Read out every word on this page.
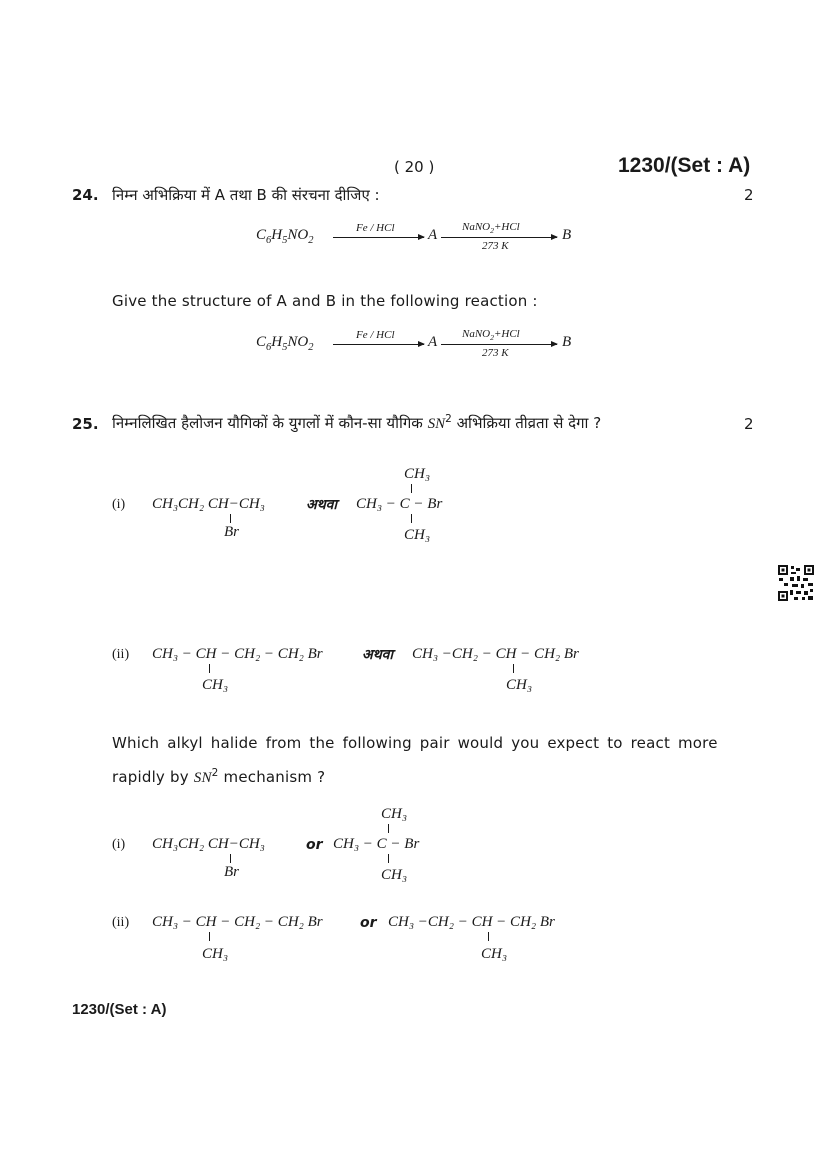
( 20 )	1230/(Set : A)
24. निम्न अभिक्रिया में A तथा B की संरचना दीजिए :	2
$C_6H_5NO_2$
Fe / HCl A NaNO$_2$+HCl
273 K
B
Give the structure of A and B in the following reaction :
$C_6H_5NO_2$
Fe / HCl A NaNO$_2$+HCl
273 K
B
25. निम्नलिखित हैलोजन यौगिकों के युगलों में कौन-सा यौगिक $SN^2$ अभिक्रिया तीव्रता से देगा ?	2
(i) CH₃CH₂ CH−CH₃
Br
अथवा
CH₃
CH₃ − C − Br
CH₃
(ii) CH₃ − CH − CH₂ − CH₂ Br
CH₃
अथवा CH₃ −CH₂ − CH − CH₂ Br
CH₃
Which alkyl halide from the following pair would you expect to react more
rapidly by $SN^2$ mechanism ?
(i) CH₃CH₂ CH−CH₃
Br
or
CH₃
CH₃ − C − Br
CH₃
(ii) CH₃ − CH − CH₂ − CH₂ Br
CH₃
or CH₃ −CH₂ − CH − CH₂ Br
CH₃
1230/(Set : A)
